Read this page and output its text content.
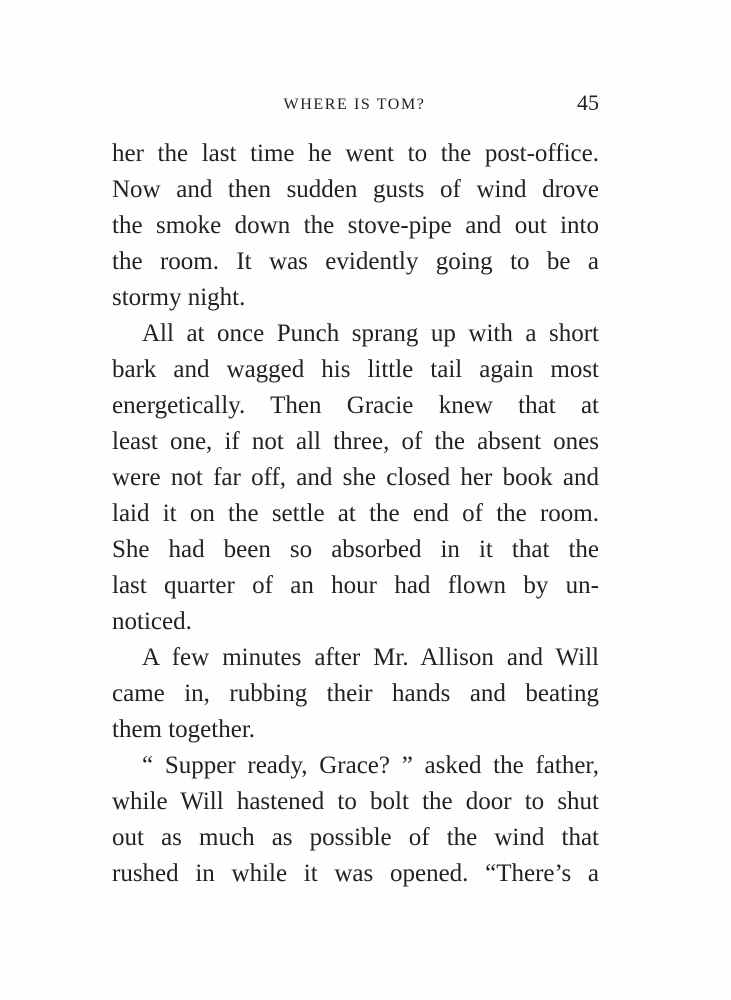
WHERE IS TOM?	45
her the last time he went to the post-office.
Now and then sudden gusts of wind drove
the smoke down the stove-pipe and out into
the room. It was evidently going to be a
stormy night.
All at once Punch sprang up with a short
bark and wagged his little tail again most
energetically. Then Gracie knew that at
least one, if not all three, of the absent ones
were not far off, and she closed her book and
laid it on the settle at the end of the room.
She had been so absorbed in it that the
last quarter of an hour had flown by un-
noticed.
A few minutes after Mr. Allison and Will
came in, rubbing their hands and beating
them together.
“ Supper ready, Grace? ” asked the father,
while Will hastened to bolt the door to shut
out as much as possible of the wind that
rushed in while it was opened. “There’s a
